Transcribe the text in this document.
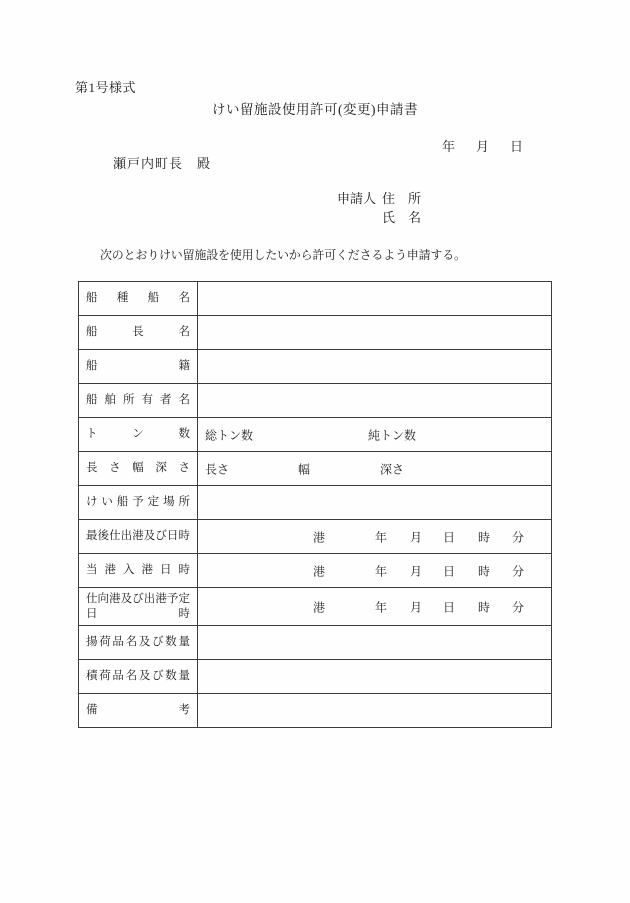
第1号様式
けい留施設使用許可(変更)申請書
年 月 日
瀬戸内町長　殿
申請人 住　所
氏　名
次のとおりけい留施設を使用したいから許可くださるよう申請する。
船種船名
船長名
船籍
船舶所有者名
トン数 総トン数	純トン数
長さ幅深さ 長さ	幅	深さ
けい船予定場所
最後仕出港及び日時	港	年 月 日 時 分
当港入港日時	港	年 月 日 時 分
仕向港及び出港予定日時	港	年 月 日 時 分
揚荷品名及び数量
積荷品名及び数量
備考
